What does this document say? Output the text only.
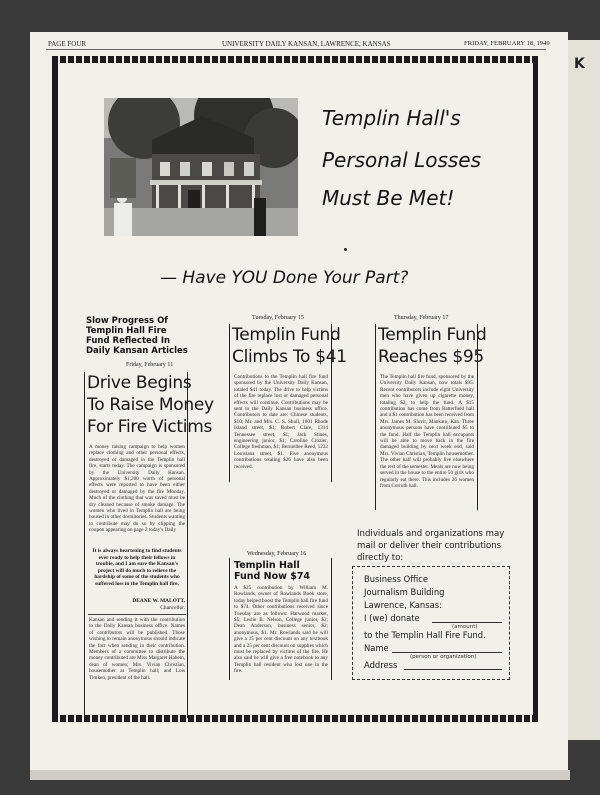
K
PAGE FOUR	UNIVERSITY DAILY KANSAN, LAWRENCE, KANSAS	FRIDAY, FEBRUARY 18, 1949
Templin Hall's
Personal Losses
Must Be Met!
— Have YOU Done Your Part?
Slow Progress Of
Templin Hall Fire
Fund Reflected In
Daily Kansan Articles
Friday, February 11
Drive Begins
To Raise Money
For Fire Victims
A money raising campaign to help women replace clothing and other personal effects, destroyed or damaged in the Templin hall fire, starts today. The campaign is sponsored by the University Daily Kansan. Approximately $1,200 worth of personal effects were reported to have been either destroyed or damaged by the fire Monday. Much of the clothing that was saved must be dry cleaned because of smoke damage. The women who lived in Templin hall are being housed in other dormitories. Students wanting to contribute may do so by clipping the coupon appearing on page 2 today's Daily
It is always heartening to find students ever ready to help their fellows in trouble, and I am sure the Kansan's project will do much to relieve the hardship of some of the students who suffered loss in the Templin hall fire.
DEANE W. MALOTT,
Chancellor.
Kansan and sending it with the contribution to the Daily Kansan business office. Names of contributors will be published. Those wishing to remain anonymous should indicate the fact when sending in their contribution. Members of a committee to distribute the money contributed are Miss Margaret Habein, dean of women; Mrs. Vivian Christian, housemother at Templin hall; and Lois Timken, president of the hall.
Tuesday, February 15
Templin Fund
Climbs To $41
Contributions to the Templin hall fire fund sponsored by the University Daily Kansan, totaled $41 today. The drive to help victims of the fire replace lost or damaged personal effects will continue. Contributions may be sent to the Daily Kansan business office. Contributors to date are: Chinese students, $10; Mr. and Mrs. C. S. Shull, 1601 Rhode Island street, $1; Robert Clare, 1314 Tennessee street, $1; Jack Stines, engineering junior, $1; Caroline Crozier, College freshman, $1; Berniellee Reed, 1232 Louisiana street, $1. Five anonymous contributions totaling $26 have also been received.
Wednesday, February 16
Templin Hall
Fund Now $74
A $25 contribution by William M. Rowlands, owner of Rowlands Book store, today helped boost the Templin hall fire fund to $74. Other contributions received since Tuesday are as follows: Harwood market, $5; Leslie B. Nelson, College junior, $2; Dean Anderson, business senior, $2; anonymous, $1. Mr. Rowlands said he will give a 15 per cent discount on any textbook and a 25 per cent discount on supplies which must be replaced by victims of the fire. He also said he will give a free notebook to any Templin hall resident who lost one in the fire.
Thursday, February 17
Templin Fund
Reaches $95
The Templin hall fire fund, sponsored by the University Daily Kansan, now totals $95. Recent contributors include eight University men who have given up cigarette money, totaling $2, to help the fund. A $15 contribution has come from Batterfield hall and a $1 contribution has been received from Mrs. James M. Slovit, Mankato, Kan. Three anonymous persons have contributed $5 to the fund. Half the Templin hall occupants will be able to move back in the fire damaged building by next week end, said Mrs. Vivian Christian, Templin housemother. The other half will probably live elsewhere the rest of the semester. Meals are now being served in the house to the entire 50 girls who regularly eat there. This includes 26 women from Corruth hall.
Individuals and organizations may mail or deliver their contributions directly to:
Business Office
Journalism Building
Lawrence, Kansas:
I (we) donate
(amount)
to the Templin Hall Fire Fund.
Name
(person or organization)
Address
